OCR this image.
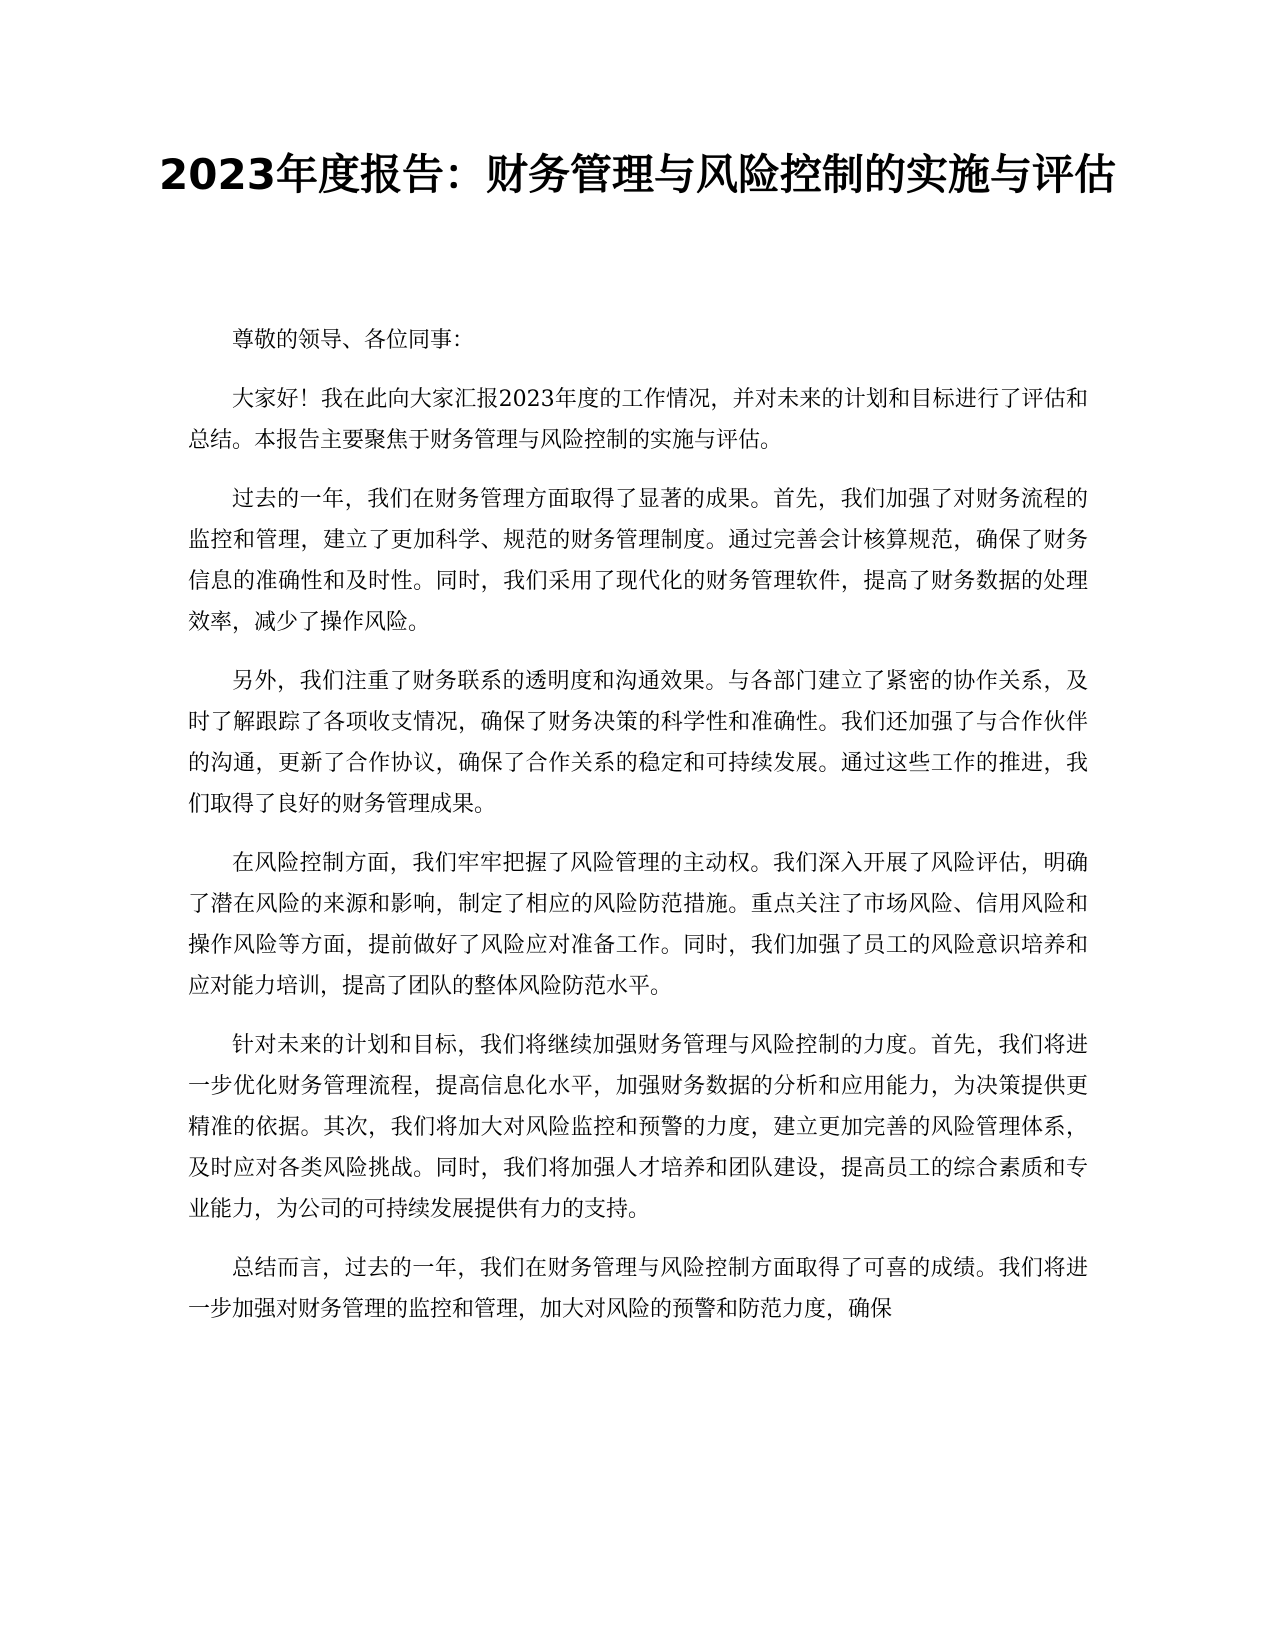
2023年度报告：财务管理与风险控制的实施与评估

尊敬的领导、各位同事：

大家好！我在此向大家汇报2023年度的工作情况，并对未来的计划和目标进行了评估和总结。本报告主要聚焦于财务管理与风险控制的实施与评估。

过去的一年，我们在财务管理方面取得了显著的成果。首先，我们加强了对财务流程的监控和管理，建立了更加科学、规范的财务管理制度。通过完善会计核算规范，确保了财务信息的准确性和及时性。同时，我们采用了现代化的财务管理软件，提高了财务数据的处理效率，减少了操作风险。

另外，我们注重了财务联系的透明度和沟通效果。与各部门建立了紧密的协作关系，及时了解跟踪了各项收支情况，确保了财务决策的科学性和准确性。我们还加强了与合作伙伴的沟通，更新了合作协议，确保了合作关系的稳定和可持续发展。通过这些工作的推进，我们取得了良好的财务管理成果。

在风险控制方面，我们牢牢把握了风险管理的主动权。我们深入开展了风险评估，明确了潜在风险的来源和影响，制定了相应的风险防范措施。重点关注了市场风险、信用风险和操作风险等方面，提前做好了风险应对准备工作。同时，我们加强了员工的风险意识培养和应对能力培训，提高了团队的整体风险防范水平。

针对未来的计划和目标，我们将继续加强财务管理与风险控制的力度。首先，我们将进一步优化财务管理流程，提高信息化水平，加强财务数据的分析和应用能力，为决策提供更精准的依据。其次，我们将加大对风险监控和预警的力度，建立更加完善的风险管理体系，及时应对各类风险挑战。同时，我们将加强人才培养和团队建设，提高员工的综合素质和专业能力，为公司的可持续发展提供有力的支持。

总结而言，过去的一年，我们在财务管理与风险控制方面取得了可喜的成绩。我们将进一步加强对财务管理的监控和管理，加大对风险的预警和防范力度，确保
